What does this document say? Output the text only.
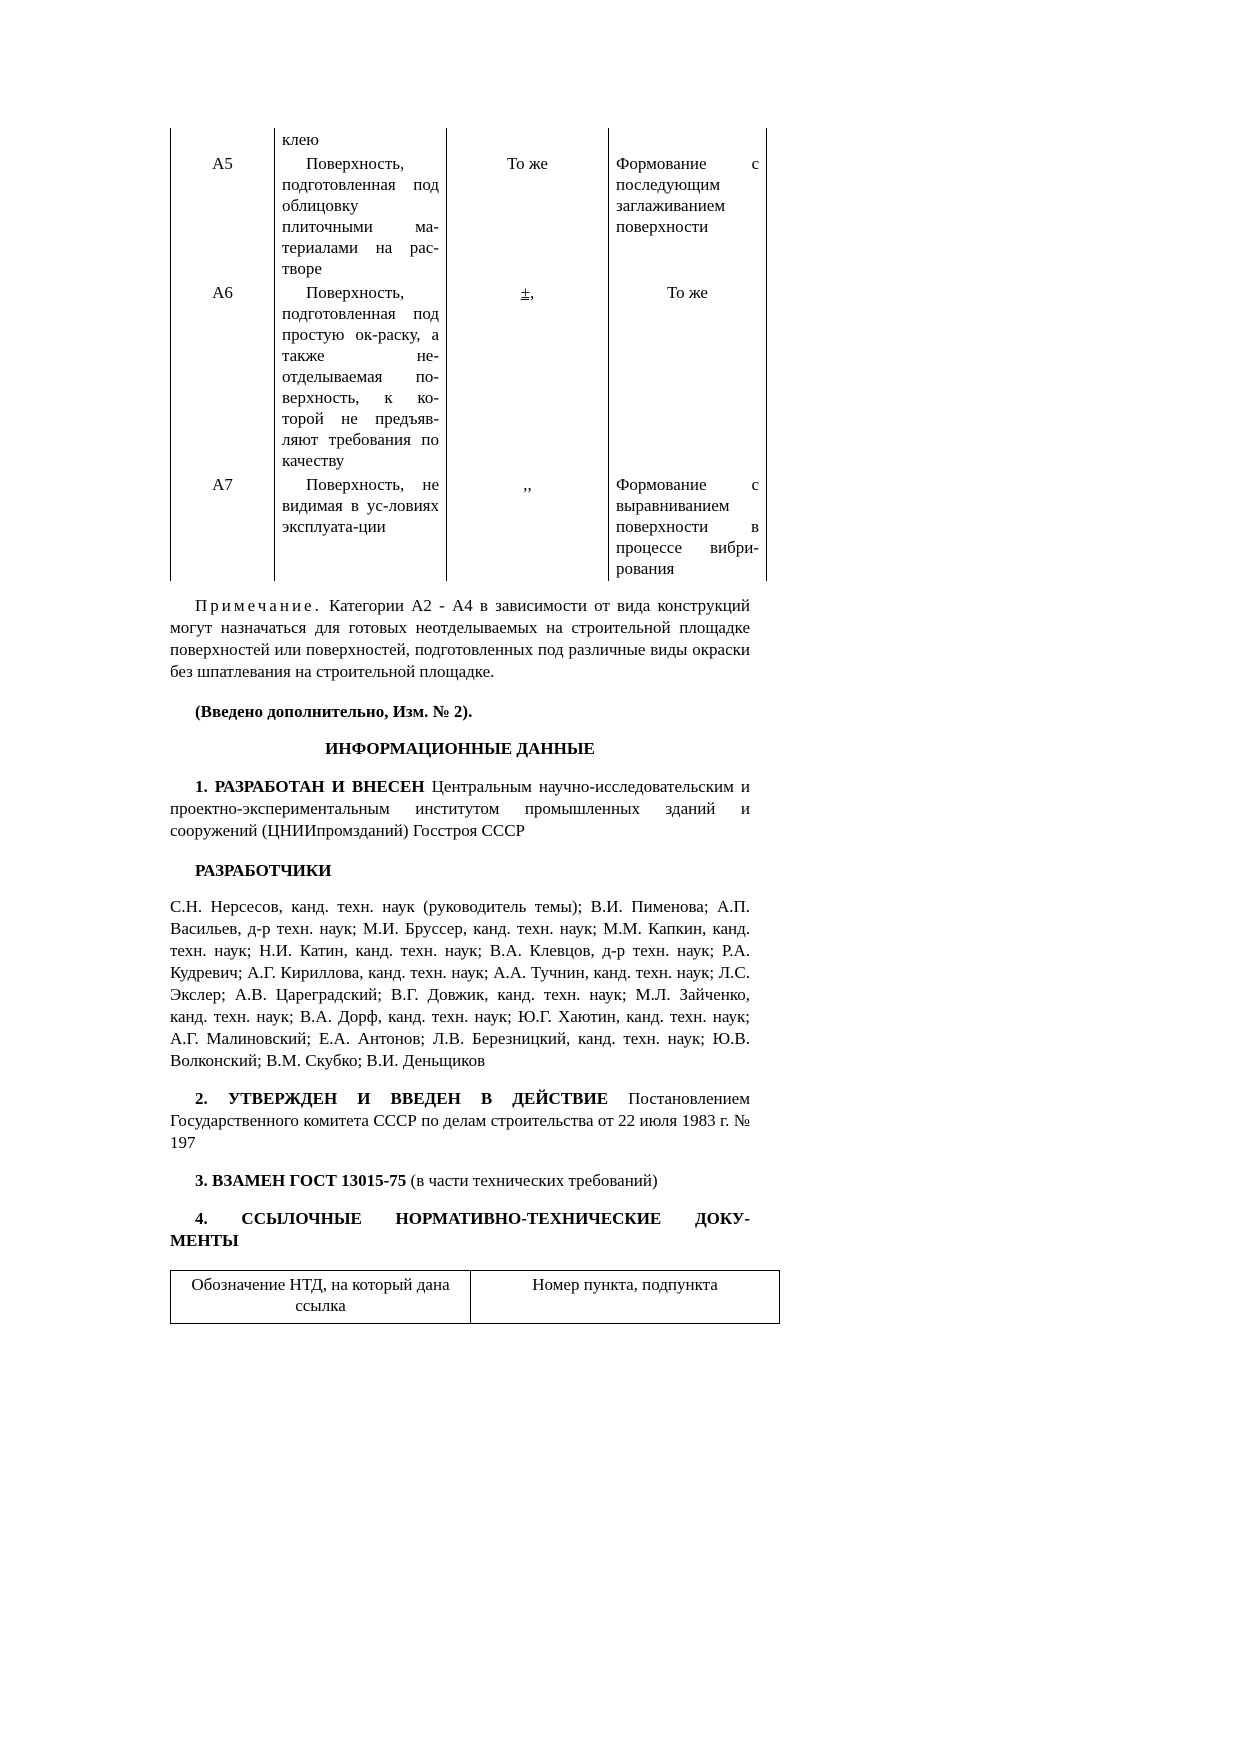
	клею		
А5	Поверхность, подготовленная под облицовку плиточными ма-териалами на рас-творе	То же	Формование с последующим заглаживанием поверхности
А6	Поверхность, подготовленная под простую ок-раску, а также не-отделываемая по-верхность, к ко-торой не предъяв-ляют требования по качеству	±,	То же
А7	Поверхность, не видимая в ус-ловиях эксплуата-ции	,,	Формование с выравниванием поверхности в процессе вибри-рования

Примечание. Категории А2 - А4 в зависимости от вида конструкций могут назначаться для готовых неотделываемых на строительной площадке поверхностей или поверхностей, подготовленных под различные виды окраски без шпатлевания на строительной площадке.

(Введено дополнительно, Изм. № 2).

ИНФОРМАЦИОННЫЕ ДАННЫЕ

1. РАЗРАБОТАН И ВНЕСЕН Центральным научно-исследовательским и проектно-экспериментальным институтом промышленных зданий и сооружений (ЦНИИпромзданий) Госстроя СССР

РАЗРАБОТЧИКИ

С.Н. Нерсесов, канд. техн. наук (руководитель темы); В.И. Пименова; А.П. Васильев, д-р техн. наук; М.И. Бруссер, канд. техн. наук; М.М. Капкин, канд. техн. наук; Н.И. Катин, канд. техн. наук; В.А. Клевцов, д-р техн. наук; Р.А. Кудревич; А.Г. Кириллова, канд. техн. наук; А.А. Тучнин, канд. техн. наук; Л.С. Экслер; А.В. Цареградский; В.Г. Довжик, канд. техн. наук; М.Л. Зайченко, канд. техн. наук; В.А. Дорф, канд. техн. наук; Ю.Г. Хаютин, канд. техн. наук; А.Г. Малиновский; Е.А. Антонов; Л.В. Березницкий, канд. техн. наук; Ю.В. Волконский; В.М. Скубко; В.И. Деньщиков

2. УТВЕРЖДЕН И ВВЕДЕН В ДЕЙСТВИЕ Постановлением Государственного комитета СССР по делам строительства от 22 июля 1983 г. № 197

3. ВЗАМЕН ГОСТ 13015-75 (в части технических требований)

4. ССЫЛОЧНЫЕ НОРМАТИВНО-ТЕХНИЧЕСКИЕ ДОКУ-
МЕНТЫ

Обозначение НТД, на который дана ссылка	Номер пункта, подпункта
